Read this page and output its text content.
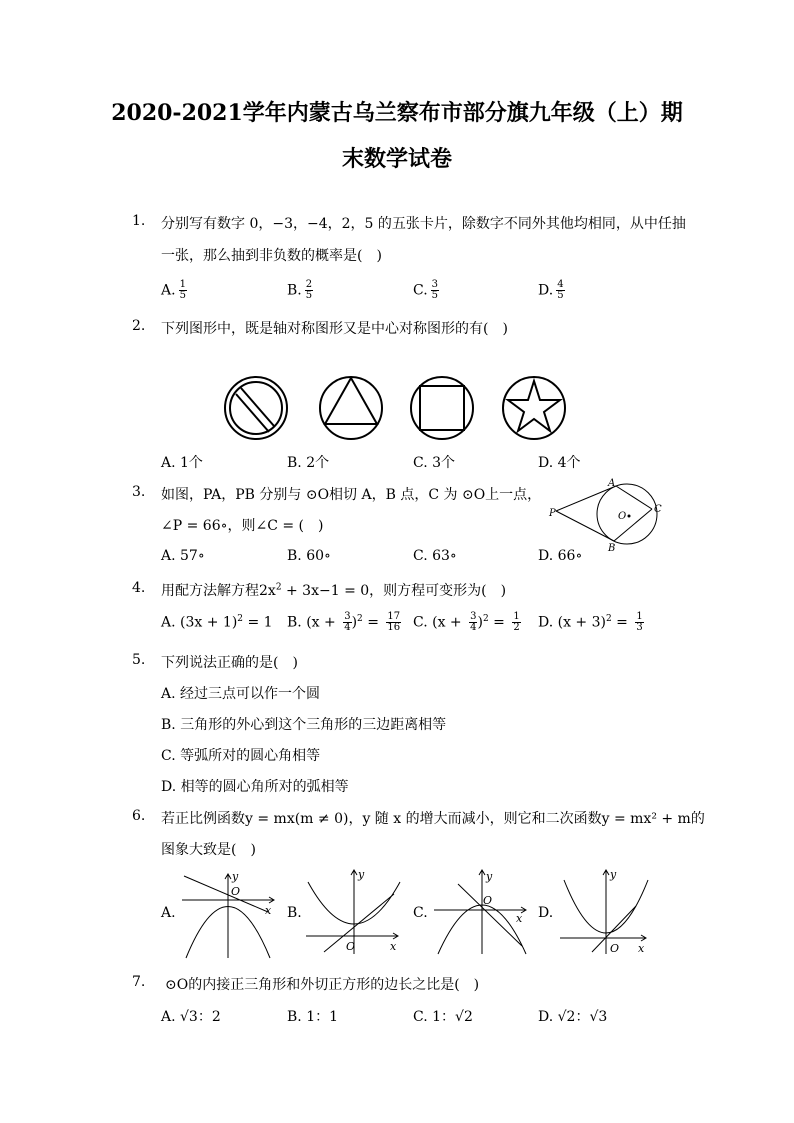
2020-2021学年内蒙古乌兰察布市部分旗九年级（上）期
末数学试卷
1. 分别写有数字 0，−3，−4，2，5 的五张卡片，除数字不同外其他均相同，从中任抽
一张，那么抽到非负数的概率是(　)
A. $\frac{1}{5}$	B. $\frac{2}{5}$	C. $\frac{3}{5}$	D. $\frac{4}{5}$
2. 下列图形中，既是轴对称图形又是中心对称图形的有(　)
A. 1个	B. 2个	C. 3个	D. 4个
3. 如图，PA，PB 分别与 ⊙O相切 A，B 点，C 为 ⊙O上一点，
∠P = 66∘，则∠C = (　)
P
A
B
C
O
A. 57∘	B. 60∘	C. 63∘	D. 66∘
4. 用配方法解方程$2x^2 + 3x-1 = 0$，则方程可变形为(　)
A. $(3x + 1)^2 = 1$ B. $(x + \frac{3}{4} )^2 = \frac{17}{16} C$. $(x + \frac{3}{4} )^2 = \frac{1}{2} D$. $(x + 3)^2 = \frac{1}{3}$
5. 下列说法正确的是(　)
A. 经过三点可以作一个圆
B. 三角形的外心到这个三角形的三边距离相等
C. 等弧所对的圆心角相等
D. 相等的圆心角所对的弧相等
6. 若正比例函数y = mx(m ≠ 0)，y 随 x 的增大而减小，则它和二次函数y = mx² + m的
图象大致是(　)
A.
y
O
x B.
y
O	x
C.
y
O
x D.
y
O x
7. ⊙O的内接正三角形和外切正方形的边长之比是(　)
A. √3：2	B. 1：1	C. 1：√2	D. √2：√3
